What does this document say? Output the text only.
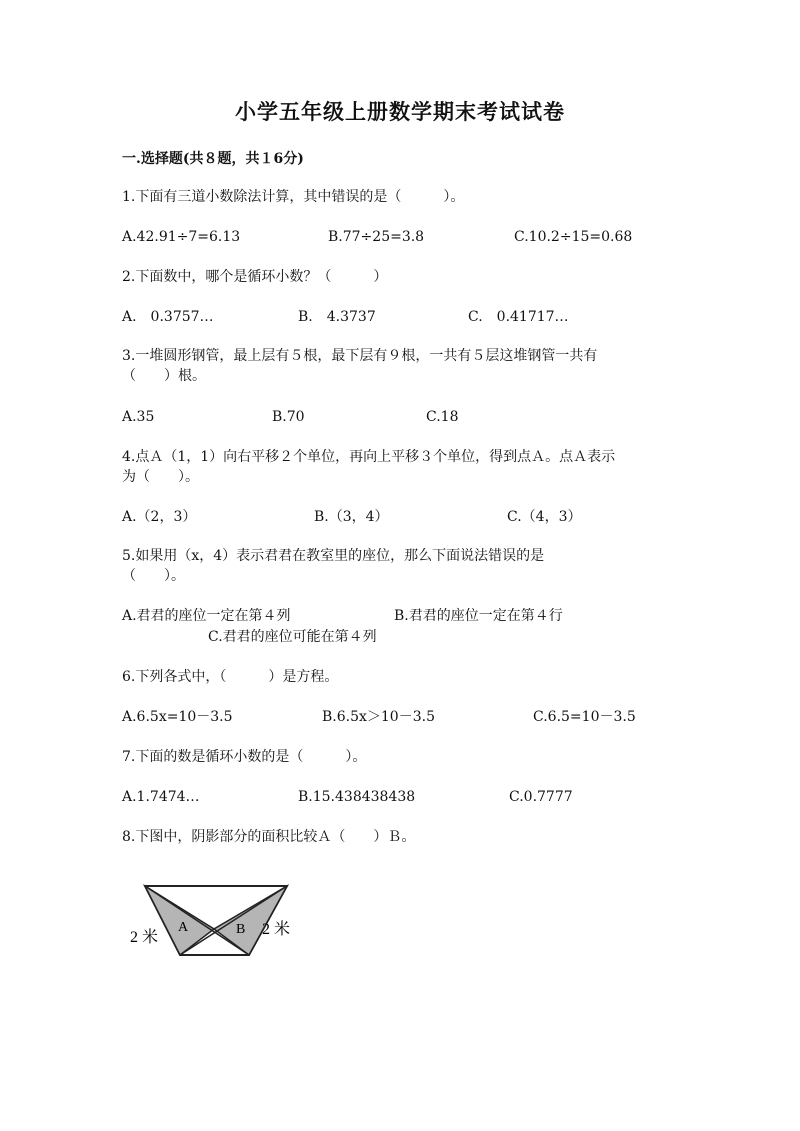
小学五年级上册数学期末考试试卷
一.选择题(共８题，共１6分)
1.下面有三道小数除法计算，其中错误的是（　　　）。
A.42.91÷7=6.13	B.77÷25=3.8	C.10.2÷15=0.68
2.下面数中，哪个是循环小数？（　　　）
A.　0.3757…	B.　4.3737	C.　0.41717…
3.一堆圆形钢管，最上层有５根，最下层有９根，一共有５层这堆钢管一共有
（　　）根。
A.35	B.70	C.18
4.点Ａ（1，1）向右平移２个单位，再向上平移３个单位，得到点Ａ。点Ａ表示
为（　　）。
A.（2，3）	B.（3，4）	C.（4，3）
5.如果用（x，4）表示君君在教室里的座位，那么下面说法错误的是
（　　）。
A.君君的座位一定在第４列	B.君君的座位一定在第４行
C.君君的座位可能在第４列
6.下列各式中，（　　　）是方程。
A.6.5x=10－3.5	B.6.5x＞10－3.5	C.6.5=10－3.5
7.下面的数是循环小数的是（　　　）。
A.1.7474…	B.15.438438438	C.0.7777
8.下图中，阴影部分的面积比较Ａ（　　）Ｂ。
A	B
2 米	2 米
